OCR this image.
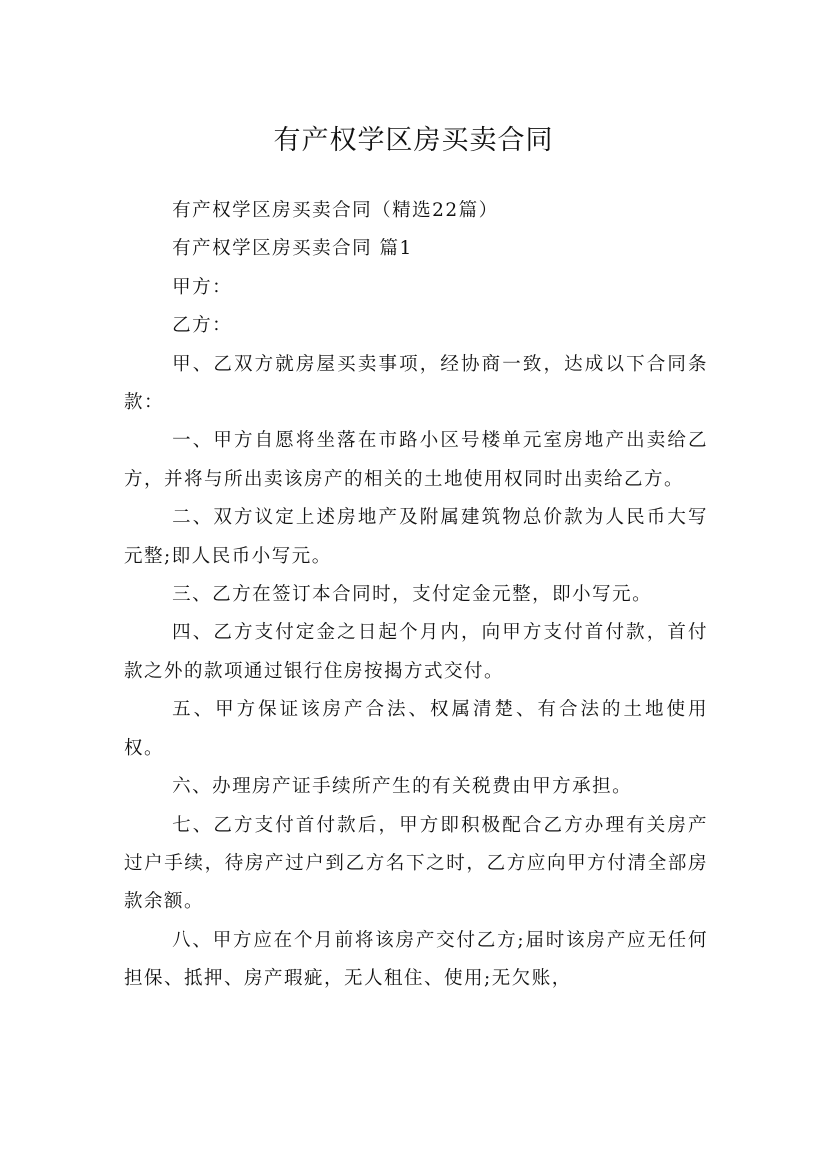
有产权学区房买卖合同

有产权学区房买卖合同（精选22篇）

有产权学区房买卖合同 篇1

甲方：

乙方：

甲、乙双方就房屋买卖事项，经协商一致，达成以下合同条款：

一、甲方自愿将坐落在市路小区号楼单元室房地产出卖给乙方，并将与所出卖该房产的相关的土地使用权同时出卖给乙方。

二、双方议定上述房地产及附属建筑物总价款为人民币大写元整;即人民币小写元。

三、乙方在签订本合同时，支付定金元整，即小写元。

四、乙方支付定金之日起个月内，向甲方支付首付款，首付款之外的款项通过银行住房按揭方式交付。

五、甲方保证该房产合法、权属清楚、有合法的土地使用权。

六、办理房产证手续所产生的有关税费由甲方承担。

七、乙方支付首付款后，甲方即积极配合乙方办理有关房产过户手续，待房产过户到乙方名下之时，乙方应向甲方付清全部房款余额。

八、甲方应在个月前将该房产交付乙方;届时该房产应无任何担保、抵押、房产瑕疵，无人租住、使用;无欠账，
